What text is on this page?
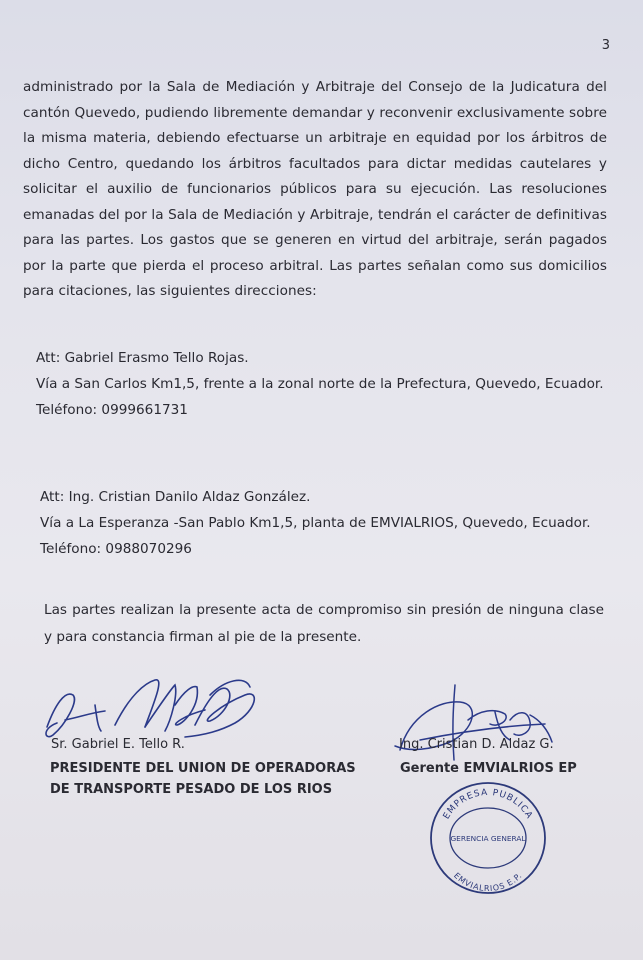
3

administrado por la Sala de Mediación y Arbitraje del Consejo de la Judicatura del cantón Quevedo, pudiendo libremente demandar y reconvenir exclusivamente sobre la misma materia, debiendo efectuarse un arbitraje en equidad por los árbitros de dicho Centro, quedando los árbitros facultados para dictar medidas cautelares y solicitar el auxilio de funcionarios públicos para su ejecución. Las resoluciones emanadas del por la Sala de Mediación y Arbitraje, tendrán el carácter de definitivas para las partes. Los gastos que se generen en virtud del arbitraje, serán pagados por la parte que pierda el proceso arbitral. Las partes señalan como sus domicilios para citaciones, las siguientes direcciones:

Att: Gabriel Erasmo Tello Rojas.
Vía a San Carlos Km1,5, frente a la zonal norte de la Prefectura, Quevedo, Ecuador.
Teléfono: 0999661731
Att: Ing. Cristian Danilo Aldaz González.
Vía a La Esperanza -San Pablo Km1,5, planta de EMVIALRIOS, Quevedo, Ecuador.
Teléfono: 0988070296

Las partes realizan la presente acta de compromiso sin presión de ninguna clase y para constancia firman al pie de la presente.

Sr. Gabriel E. Tello R.
PRESIDENTE DEL UNION DE OPERADORAS
DE TRANSPORTE PESADO DE LOS RIOS
Ing. Cristian D. Aldaz G.
Gerente EMVIALRIOS EP
EMPRESA PUBLICA
GERENCIA GENERAL
EMVIALRIOS E.P.
